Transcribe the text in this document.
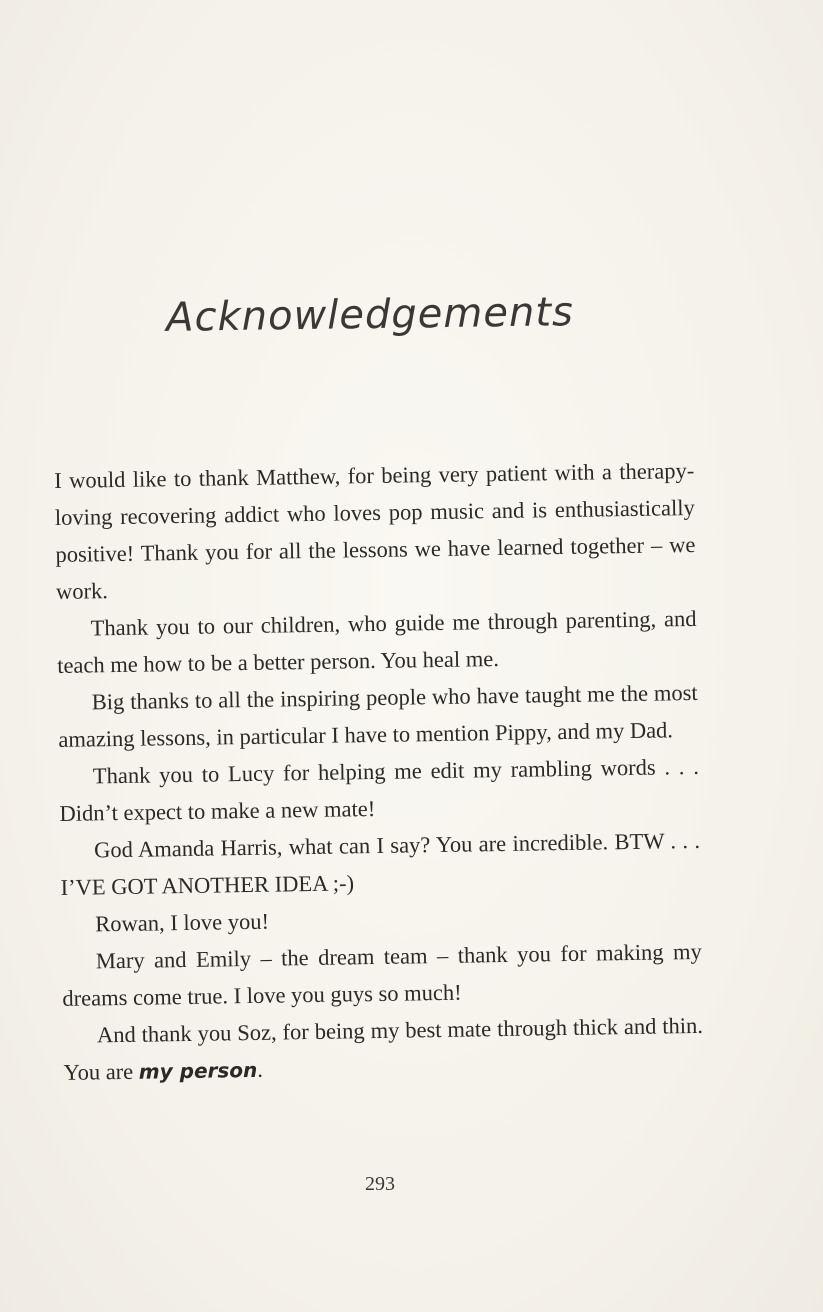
Acknowledgements

I would like to thank Matthew, for being very patient with a therapy-loving recovering addict who loves pop music and is enthusiastically positive! Thank you for all the lessons we have learned together – we work.

Thank you to our children, who guide me through parenting, and teach me how to be a better person. You heal me.

Big thanks to all the inspiring people who have taught me the most amazing lessons, in particular I have to mention Pippy, and my Dad.

Thank you to Lucy for helping me edit my rambling words . . . Didn’t expect to make a new mate!

God Amanda Harris, what can I say? You are incredible. BTW . . . I’VE GOT ANOTHER IDEA ;-)

Rowan, I love you!

Mary and Emily – the dream team – thank you for making my dreams come true. I love you guys so much!

And thank you Soz, for being my best mate through thick and thin. You are my person.

293
